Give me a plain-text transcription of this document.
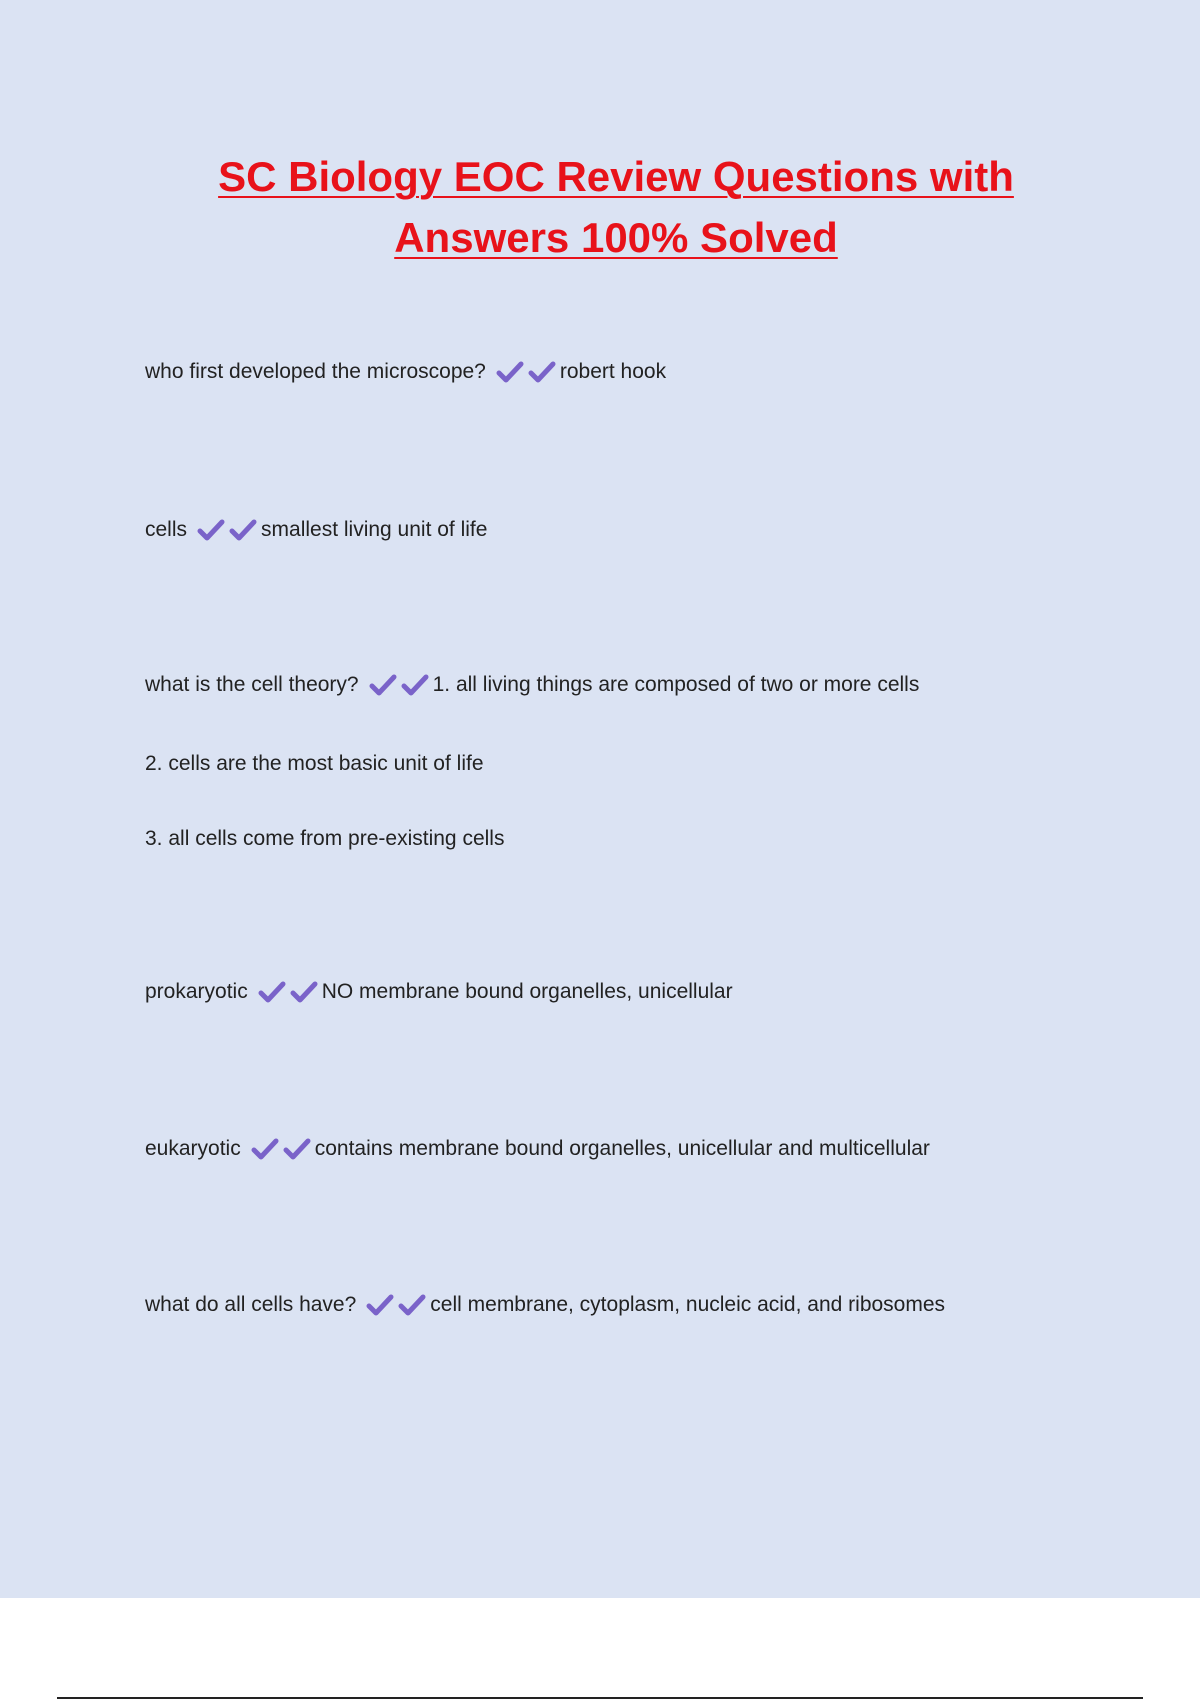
SC Biology EOC Review Questions with
Answers 100% Solved
who first developed the microscope?	robert hook
cells	smallest living unit of life
what is the cell theory?	1. all living things are composed of two or more cells
2. cells are the most basic unit of life
3. all cells come from pre-existing cells
prokaryotic	NO membrane bound organelles, unicellular
eukaryotic	contains membrane bound organelles, unicellular and multicellular
what do all cells have?	cell membrane, cytoplasm, nucleic acid, and ribosomes
